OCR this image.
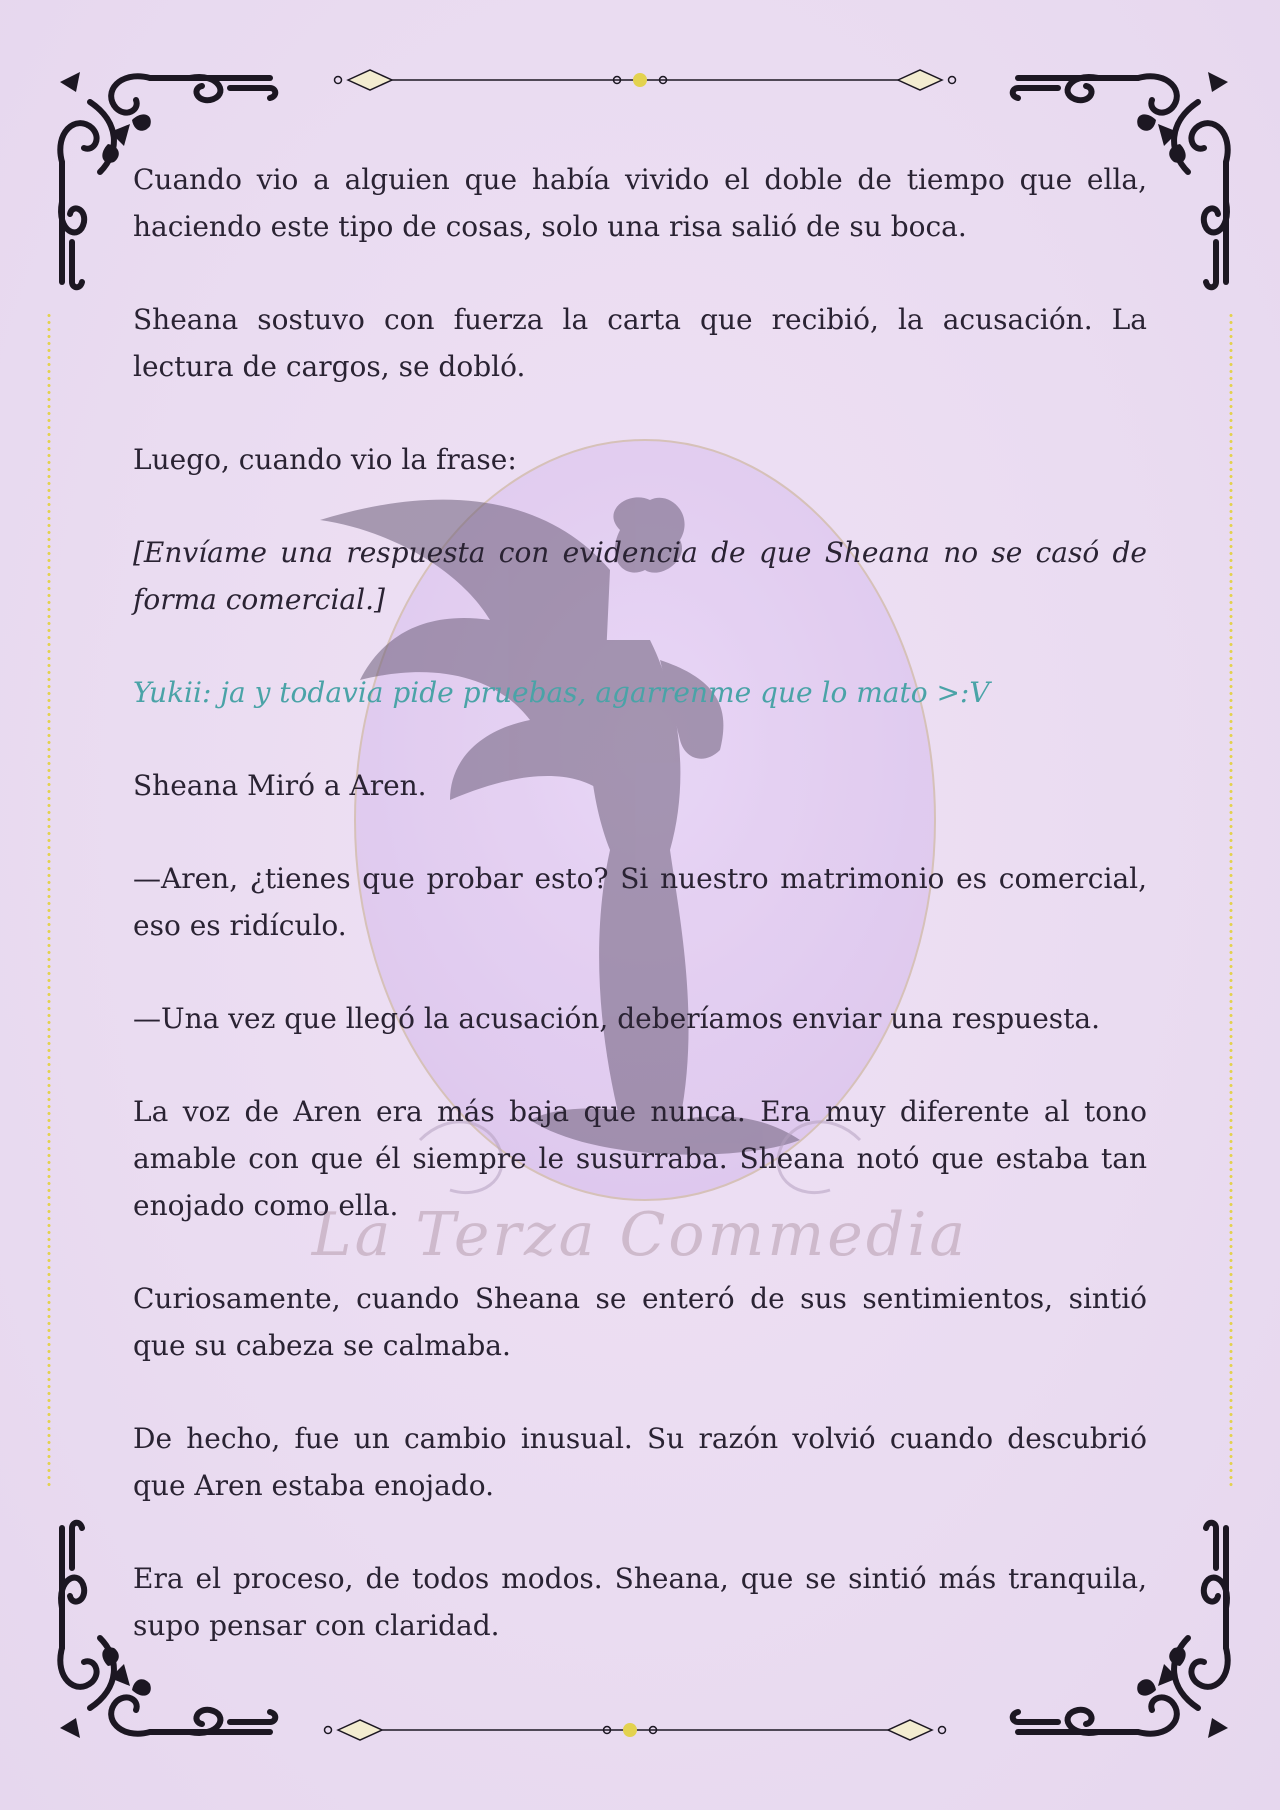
La Terza Commedia

Cuando vio a alguien que había vivido el doble de tiempo que ella, haciendo este tipo de cosas, solo una risa salió de su boca.

Sheana sostuvo con fuerza la carta que recibió, la acusación. La lectura de cargos, se dobló.

Luego, cuando vio la frase:

[Envíame una respuesta con evidencia de que Sheana no se casó de forma comercial.]

Yukii: ja y todavia pide pruebas, agarrenme que lo mato >:V

Sheana Miró a Aren.

—Aren, ¿tienes que probar esto? Si nuestro matrimonio es comercial, eso es ridículo.

—Una vez que llegó la acusación, deberíamos enviar una respuesta.

La voz de Aren era más baja que nunca. Era muy diferente al tono amable con que él siempre le susurraba. Sheana notó que estaba tan enojado como ella.

Curiosamente, cuando Sheana se enteró de sus sentimientos, sintió que su cabeza se calmaba.

De hecho, fue un cambio inusual. Su razón volvió cuando descubrió que Aren estaba enojado.

Era el proceso, de todos modos. Sheana, que se sintió más tranquila, supo pensar con claridad.
